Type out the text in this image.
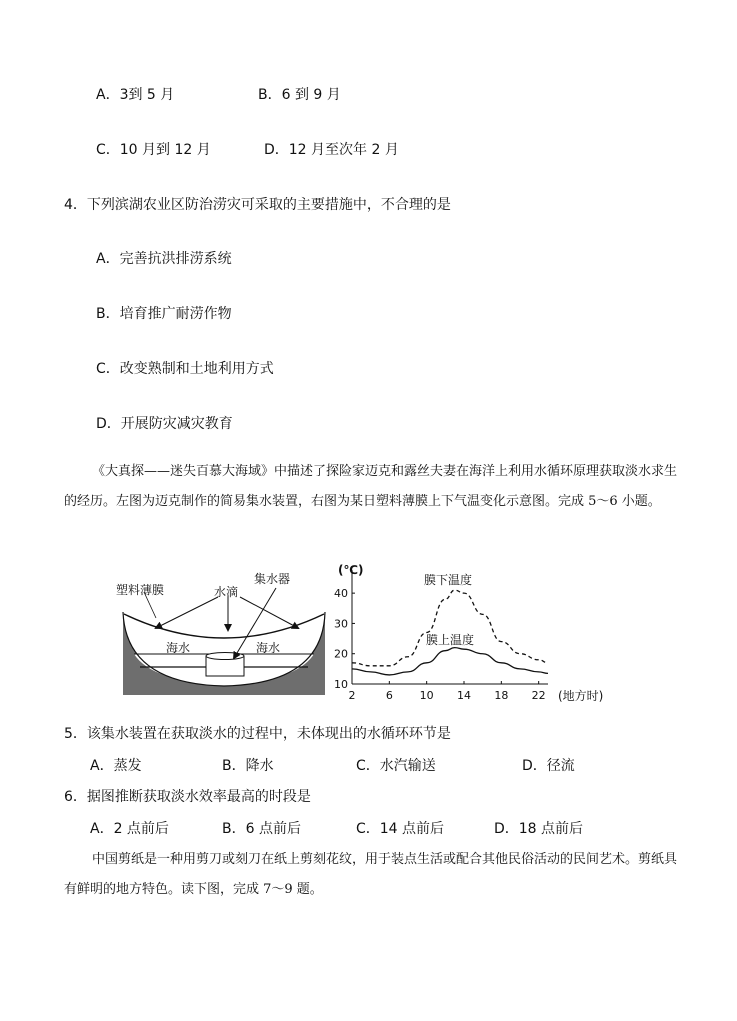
A．3到 5 月	B．6 到 9 月
C．10 月到 12 月	D．12 月至次年 2 月
4．下列滨湖农业区防治涝灾可采取的主要措施中，不合理的是
A．完善抗洪排涝系统
B．培育推广耐涝作物
C．改变熟制和土地利用方式
D．开展防灾减灾教育
《大真探——迷失百慕大海域》中描述了探险家迈克和露丝夫妻在海洋上利用水循环原理获取淡水求生的经历。左图为迈克制作的简易集水装置，右图为某日塑料薄膜上下气温变化示意图。完成 5～6 小题。
塑料薄膜	水滴
集水器
海水	海水
10
20
30
40
2	6 10 14 18 22
(℃)
(地方时)
膜下温度
膜上温度
5．该集水装置在获取淡水的过程中，未体现出的水循环环节是
A．蒸发	B．降水	C．水汽输送	D．径流
6．据图推断获取淡水效率最高的时段是
A．2 点前后	B．6 点前后	C．14 点前后	D．18 点前后
中国剪纸是一种用剪刀或刻刀在纸上剪刻花纹，用于装点生活或配合其他民俗活动的民间艺术。剪纸具有鲜明的地方特色。读下图，完成 7～9 题。
